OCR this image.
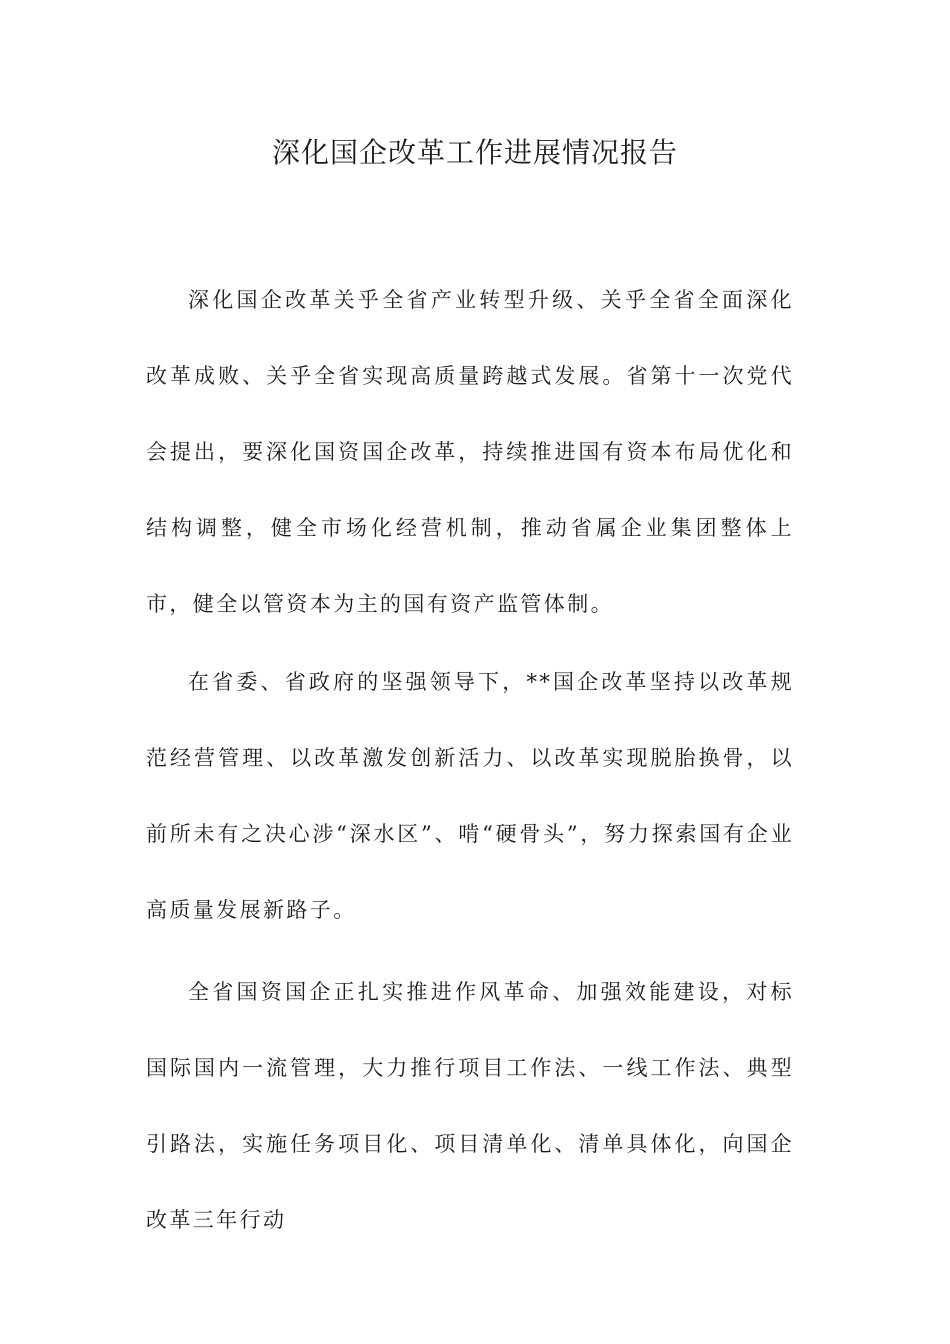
深化国企改革工作进展情况报告

深化国企改革关乎全省产业转型升级、关乎全省全面深化改革成败、关乎全省实现高质量跨越式发展。省第十一次党代会提出，要深化国资国企改革，持续推进国有资本布局优化和结构调整，健全市场化经营机制，推动省属企业集团整体上市，健全以管资本为主的国有资产监管体制。

在省委、省政府的坚强领导下，**国企改革坚持以改革规范经营管理、以改革激发创新活力、以改革实现脱胎换骨，以前所未有之决心涉“深水区”、啃“硬骨头”，努力探索国有企业高质量发展新路子。

全省国资国企正扎实推进作风革命、加强效能建设，对标国际国内一流管理，大力推行项目工作法、一线工作法、典型引路法，实施任务项目化、项目清单化、清单具体化，向国企改革三年行动
